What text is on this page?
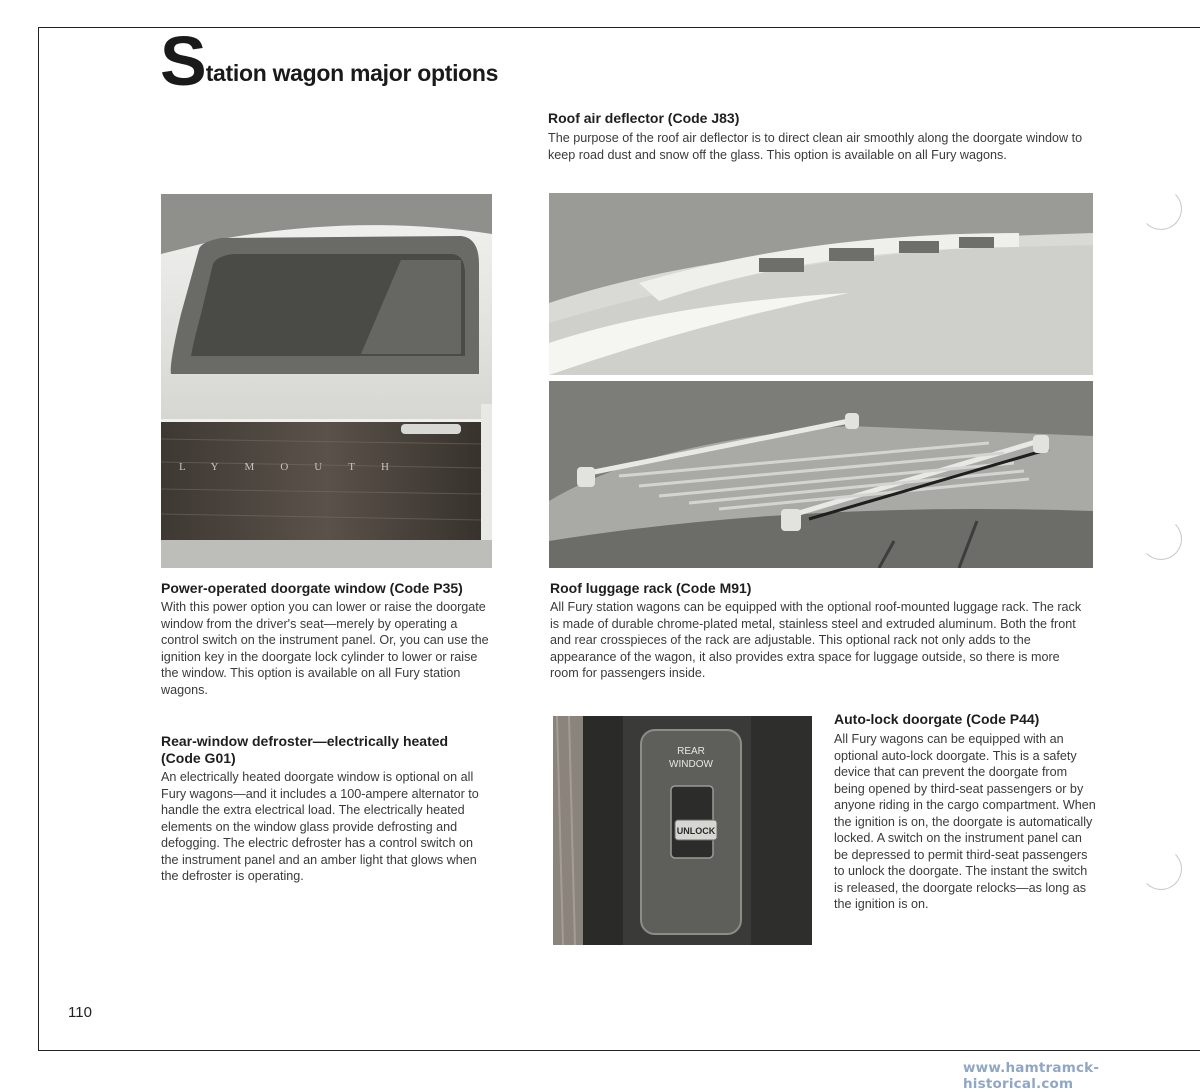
S tation wagon major options
Roof air deflector (Code J83)
The purpose of the roof air deflector is to direct clean air smoothly along the doorgate window to keep road dust and snow off the glass. This option is available on all Fury wagons.
LYMOUTH
Power-operated doorgate window (Code P35)
With this power option you can lower or raise the doorgate window from the driver's seat—merely by operating a control switch on the instrument panel. Or, you can use the ignition key in the doorgate lock cylinder to lower or raise the window. This option is available on all Fury station wagons.
Roof luggage rack (Code M91)
All Fury station wagons can be equipped with the optional roof-mounted luggage rack. The rack is made of durable chrome-plated metal, stainless steel and extruded aluminum. Both the front and rear crosspieces of the rack are adjustable. This optional rack not only adds to the appearance of the wagon, it also provides extra space for luggage outside, so there is more room for passengers inside.
Rear-window defroster—electrically heated (Code G01)
An electrically heated doorgate window is optional on all Fury wagons—and it includes a 100-ampere alternator to handle the extra electrical load. The electrically heated elements on the window glass provide defrosting and defogging. The electric defroster has a control switch on the instrument panel and an amber light that glows when the defroster is operating.
REAR
WINDOW
UNLOCK
Auto-lock doorgate (Code P44)
All Fury wagons can be equipped with an optional auto-lock doorgate. This is a safety device that can prevent the doorgate from being opened by third-seat passengers or by anyone riding in the cargo compartment. When the ignition is on, the doorgate is automatically locked. A switch on the instrument panel can be depressed to permit third-seat passengers to unlock the doorgate. The instant the switch is released, the doorgate relocks—as long as the ignition is on.
110
www.hamtramck-historical.com
